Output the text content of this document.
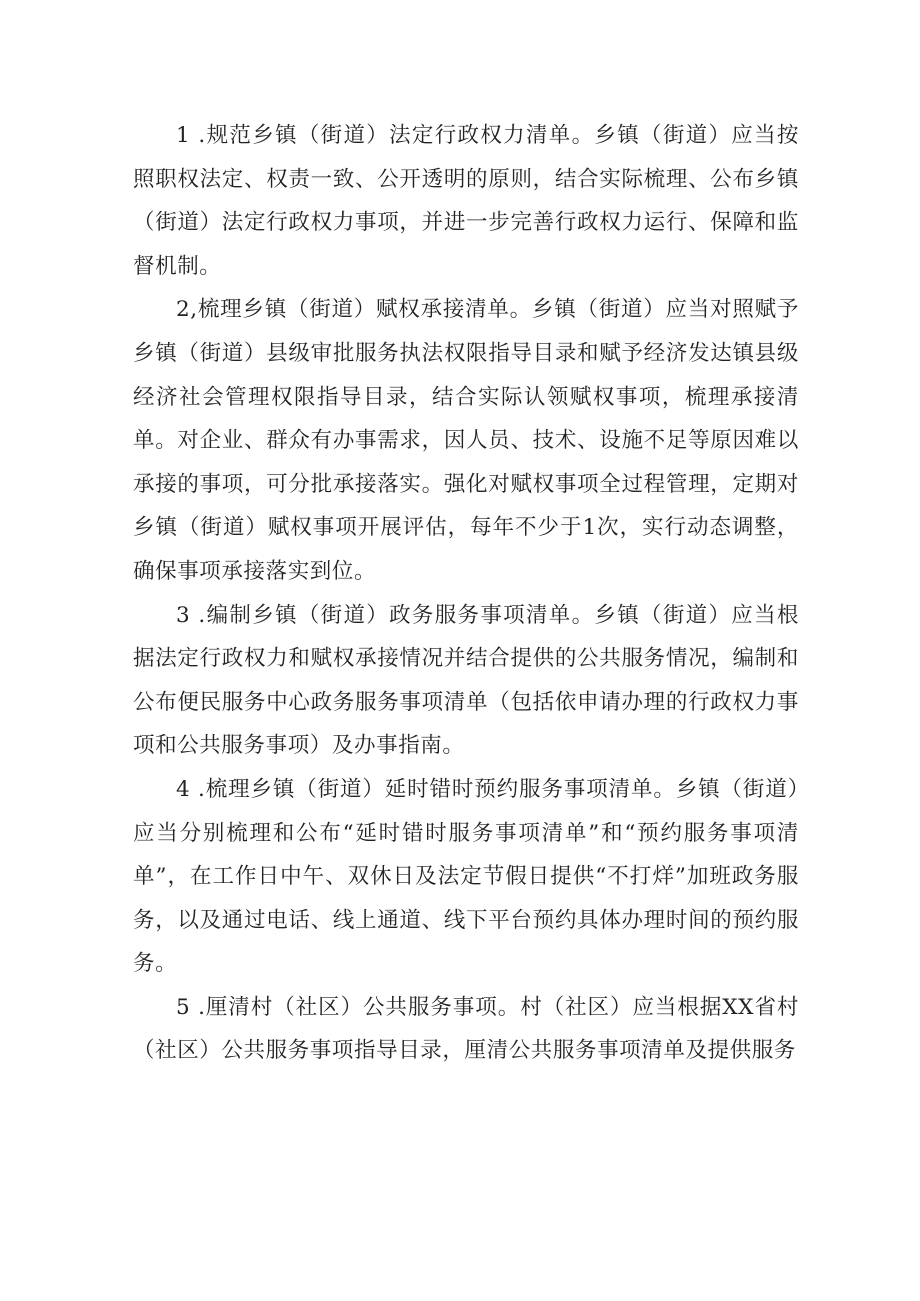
1 .规范乡镇（街道）法定行政权力清单。乡镇（街道）应当按照职权法定、权责一致、公开透明的原则，结合实际梳理、公布乡镇（街道）法定行政权力事项，并进一步完善行政权力运行、保障和监督机制。

2,梳理乡镇（街道）赋权承接清单。乡镇（街道）应当对照赋予乡镇（街道）县级审批服务执法权限指导目录和赋予经济发达镇县级经济社会管理权限指导目录，结合实际认领赋权事项，梳理承接清单。对企业、群众有办事需求，因人员、技术、设施不足等原因难以承接的事项，可分批承接落实。强化对赋权事项全过程管理，定期对乡镇（街道）赋权事项开展评估，每年不少于1次，实行动态调整，确保事项承接落实到位。

3 .编制乡镇（街道）政务服务事项清单。乡镇（街道）应当根据法定行政权力和赋权承接情况并结合提供的公共服务情况，编制和公布便民服务中心政务服务事项清单（包括依申请办理的行政权力事项和公共服务事项）及办事指南。

4 .梳理乡镇（街道）延时错时预约服务事项清单。乡镇（街道）应当分别梳理和公布“延时错时服务事项清单”和“预约服务事项清单”，在工作日中午、双休日及法定节假日提供“不打烊”加班政务服务，以及通过电话、线上通道、线下平台预约具体办理时间的预约服务。

5 .厘清村（社区）公共服务事项。村（社区）应当根据XX省村（社区）公共服务事项指导目录，厘清公共服务事项清单及提供服务
